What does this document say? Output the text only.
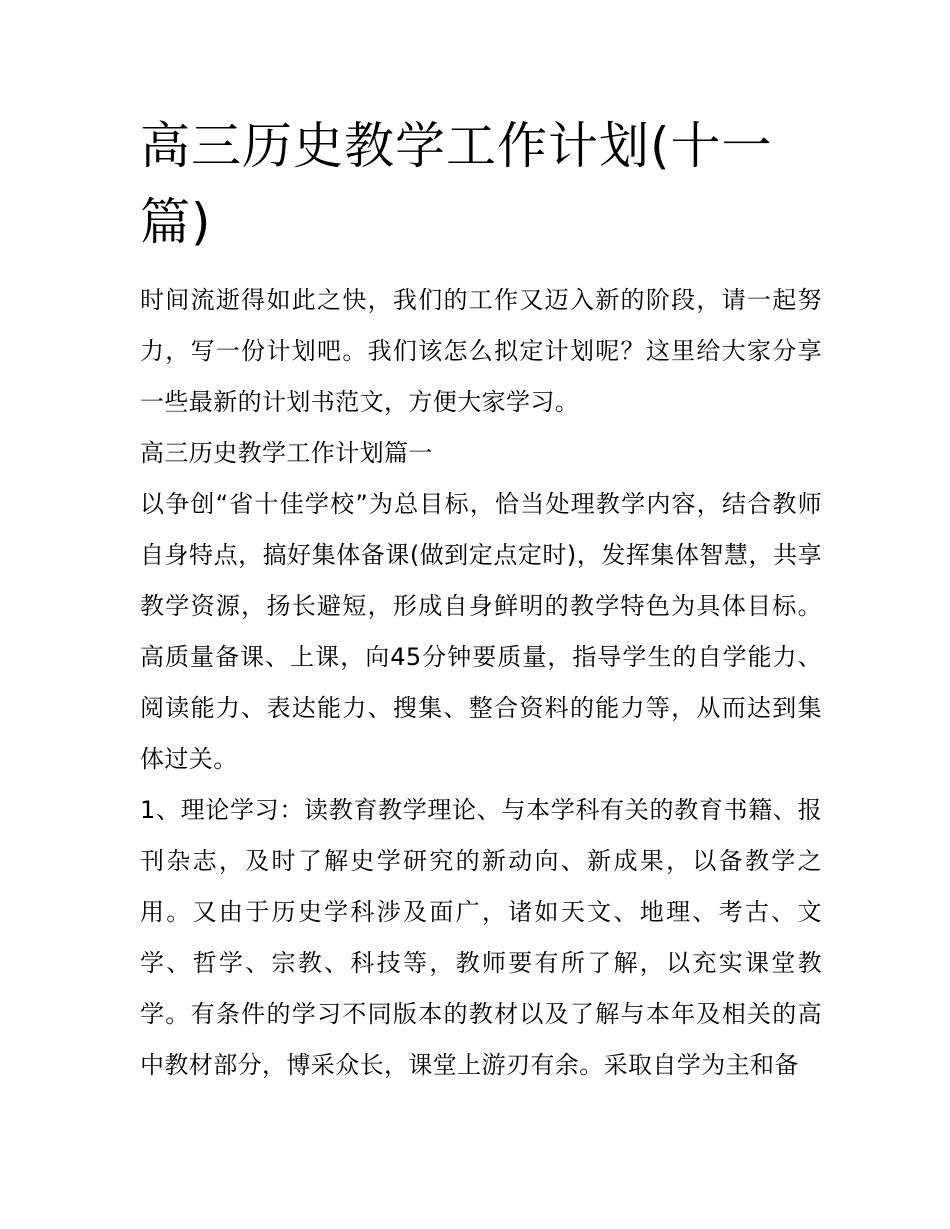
高三历史教学工作计划(十一篇)

时间流逝得如此之快，我们的工作又迈入新的阶段，请一起努力，写一份计划吧。我们该怎么拟定计划呢？这里给大家分享一些最新的计划书范文，方便大家学习。

高三历史教学工作计划篇一

以争创“省十佳学校”为总目标，恰当处理教学内容，结合教师自身特点，搞好集体备课(做到定点定时)，发挥集体智慧，共享教学资源，扬长避短，形成自身鲜明的教学特色为具体目标。高质量备课、上课，向45分钟要质量，指导学生的自学能力、阅读能力、表达能力、搜集、整合资料的能力等，从而达到集体过关。

1、理论学习：读教育教学理论、与本学科有关的教育书籍、报刊杂志，及时了解史学研究的新动向、新成果，以备教学之用。又由于历史学科涉及面广，诸如天文、地理、考古、文学、哲学、宗教、科技等，教师要有所了解，以充实课堂教学。有条件的学习不同版本的教材以及了解与本年及相关的高中教材部分，博采众长，课堂上游刃有余。采取自学为主和备
